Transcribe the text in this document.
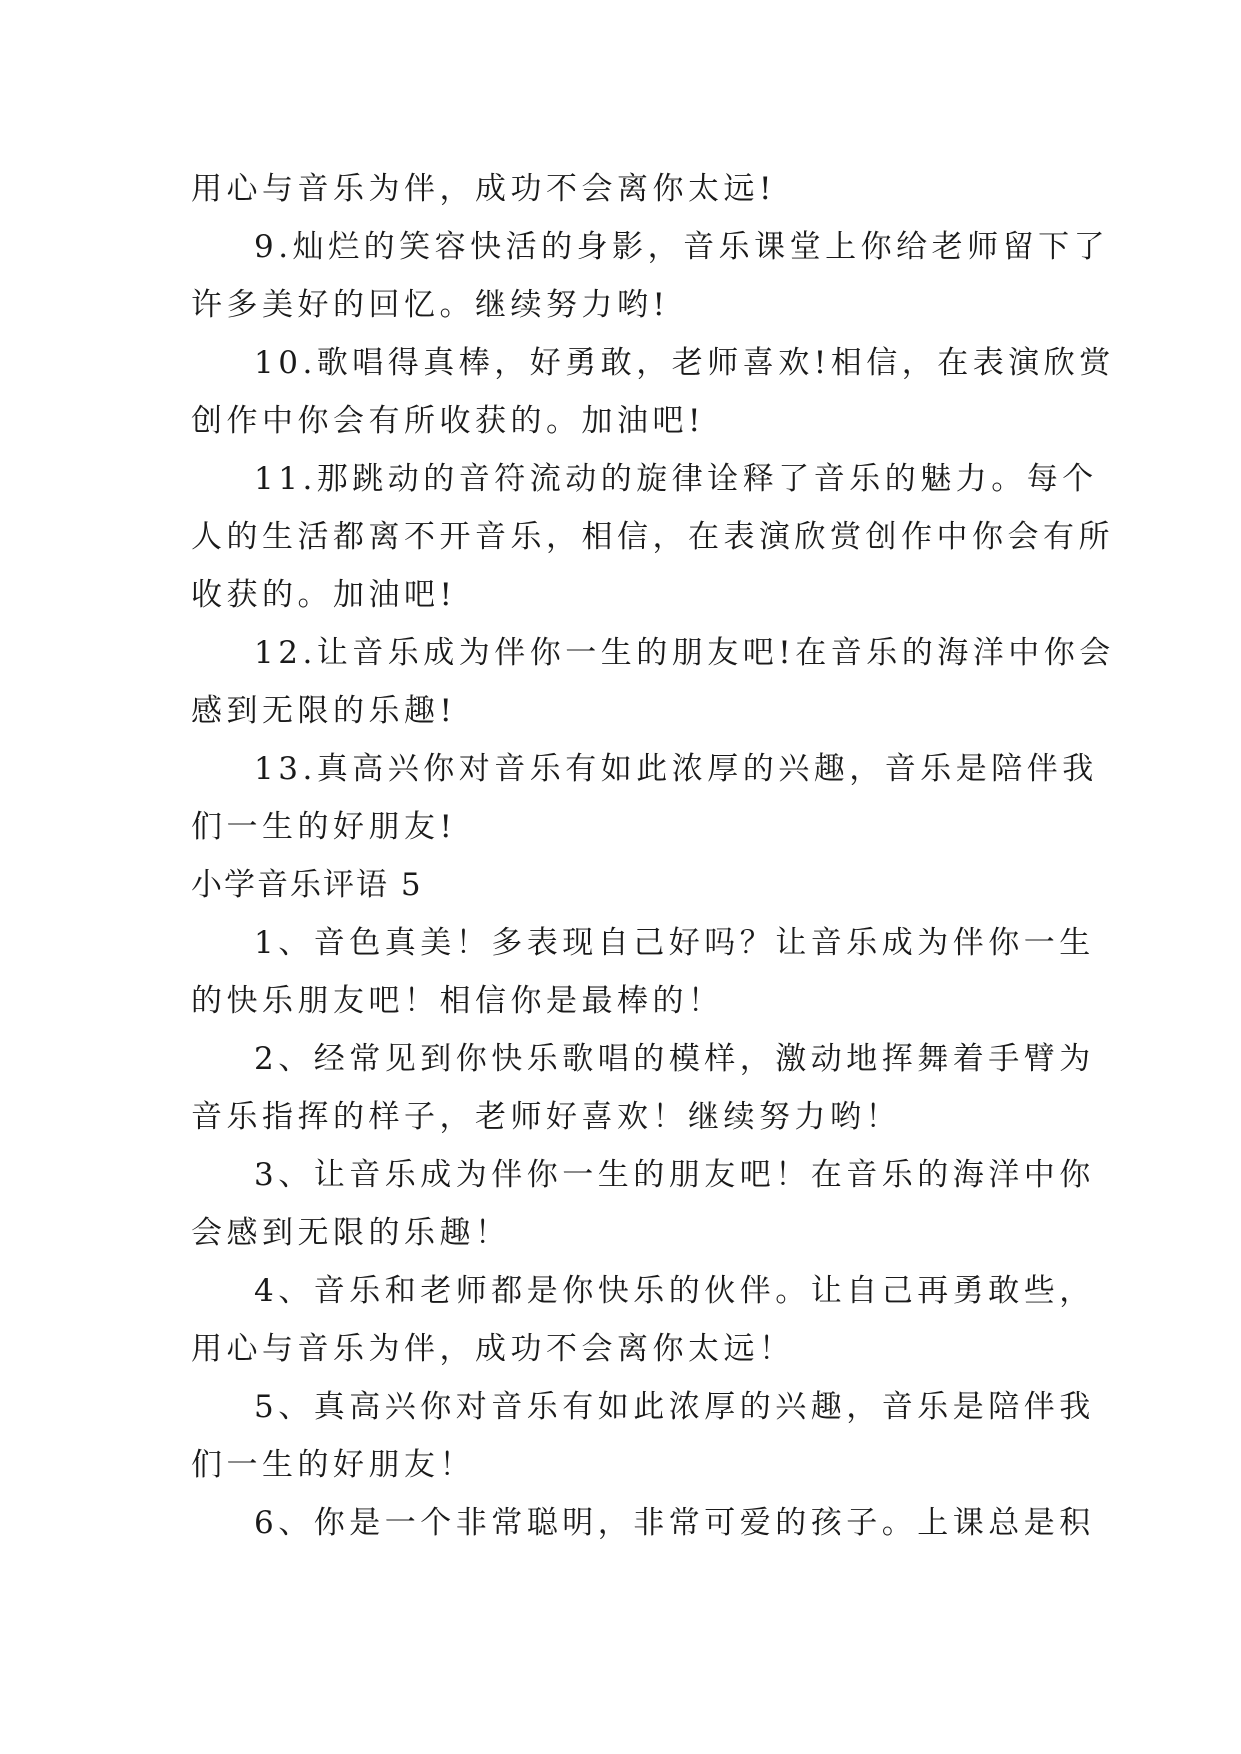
用心与音乐为伴，成功不会离你太远!
9.灿烂的笑容快活的身影，音乐课堂上你给老师留下了
许多美好的回忆。继续努力哟!
10.歌唱得真棒，好勇敢，老师喜欢!相信，在表演欣赏
创作中你会有所收获的。加油吧!
11.那跳动的音符流动的旋律诠释了音乐的魅力。每个
人的生活都离不开音乐，相信，在表演欣赏创作中你会有所
收获的。加油吧!
12.让音乐成为伴你一生的朋友吧!在音乐的海洋中你会
感到无限的乐趣!
13.真高兴你对音乐有如此浓厚的兴趣，音乐是陪伴我
们一生的好朋友!
小学音乐评语 5
1、音色真美！多表现自己好吗？让音乐成为伴你一生
的快乐朋友吧！相信你是最棒的！
2、经常见到你快乐歌唱的模样，激动地挥舞着手臂为
音乐指挥的样子，老师好喜欢！继续努力哟！
3、让音乐成为伴你一生的朋友吧！在音乐的海洋中你
会感到无限的乐趣！
4、音乐和老师都是你快乐的伙伴。让自己再勇敢些，
用心与音乐为伴，成功不会离你太远！
5、真高兴你对音乐有如此浓厚的兴趣，音乐是陪伴我
们一生的好朋友！
6、你是一个非常聪明，非常可爱的孩子。上课总是积
